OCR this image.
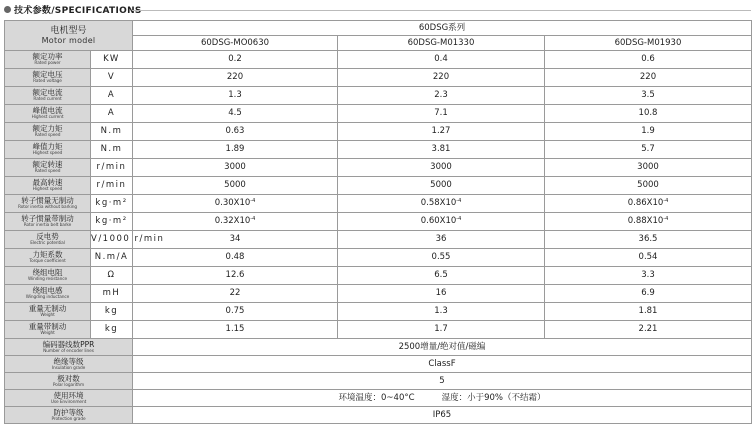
技术参数/SPECIFICATIONS
电机型号
Motor model		60DSG系列		
		60DSG-MO0630	60DSG-M01330	60DSG-M01930

额定功率
Rated power	KW	0.2	0.4	0.6

额定电压
Rated voltage	V	220	220	220

额定电流
Rated current	A	1.3	2.3	3.5

峰值电流
Highest current	A	4.5	7.1	10.8

额定力矩
Rated speed	N.m	0.63	1.27	1.9

峰值力矩
Highest speed	N.m	1.89	3.81	5.7

额定转速
Rated speed	r/min	3000	3000	3000

最高转速
Highest speed	r/min	5000	5000	5000

转子惯量无制动
Rotor inertia without barking	kg·m²	$0.30X10^{-4}$	$0.58X10^{-4}$	$0.86X10^{-4}$

转子惯量带制动
Rotor inertia belt barke	kg·m²	$0.32X10^{-4}$	$0.60X10^{-4}$	$0.88X10^{-4}$

反电势
Electric potential	V/1000 r/min	34	36	36.5

力矩系数
Torque coefficient	N.m/A	0.48	0.55	0.54

绕组电阻
Winding resistance	Ω	12.6	6.5	3.3

绕组电感
Wingding inductance	mH	22	16	6.9

重量无制动
Weight	kg	0.75	1.3	1.81

重量带制动
Weight	kg	1.15	1.7	2.21

编码器线数PPR
Number of encoder lines		2500增量/绝对值/磁编		

绝缘等级
Insulation grade		ClassF		

极对数
Polar logarithm		5		

使用环境
Use Environment		环境温度：0~40°C          湿度：小于90%（不结霜）		

防护等级
Protection grade		IP65		
